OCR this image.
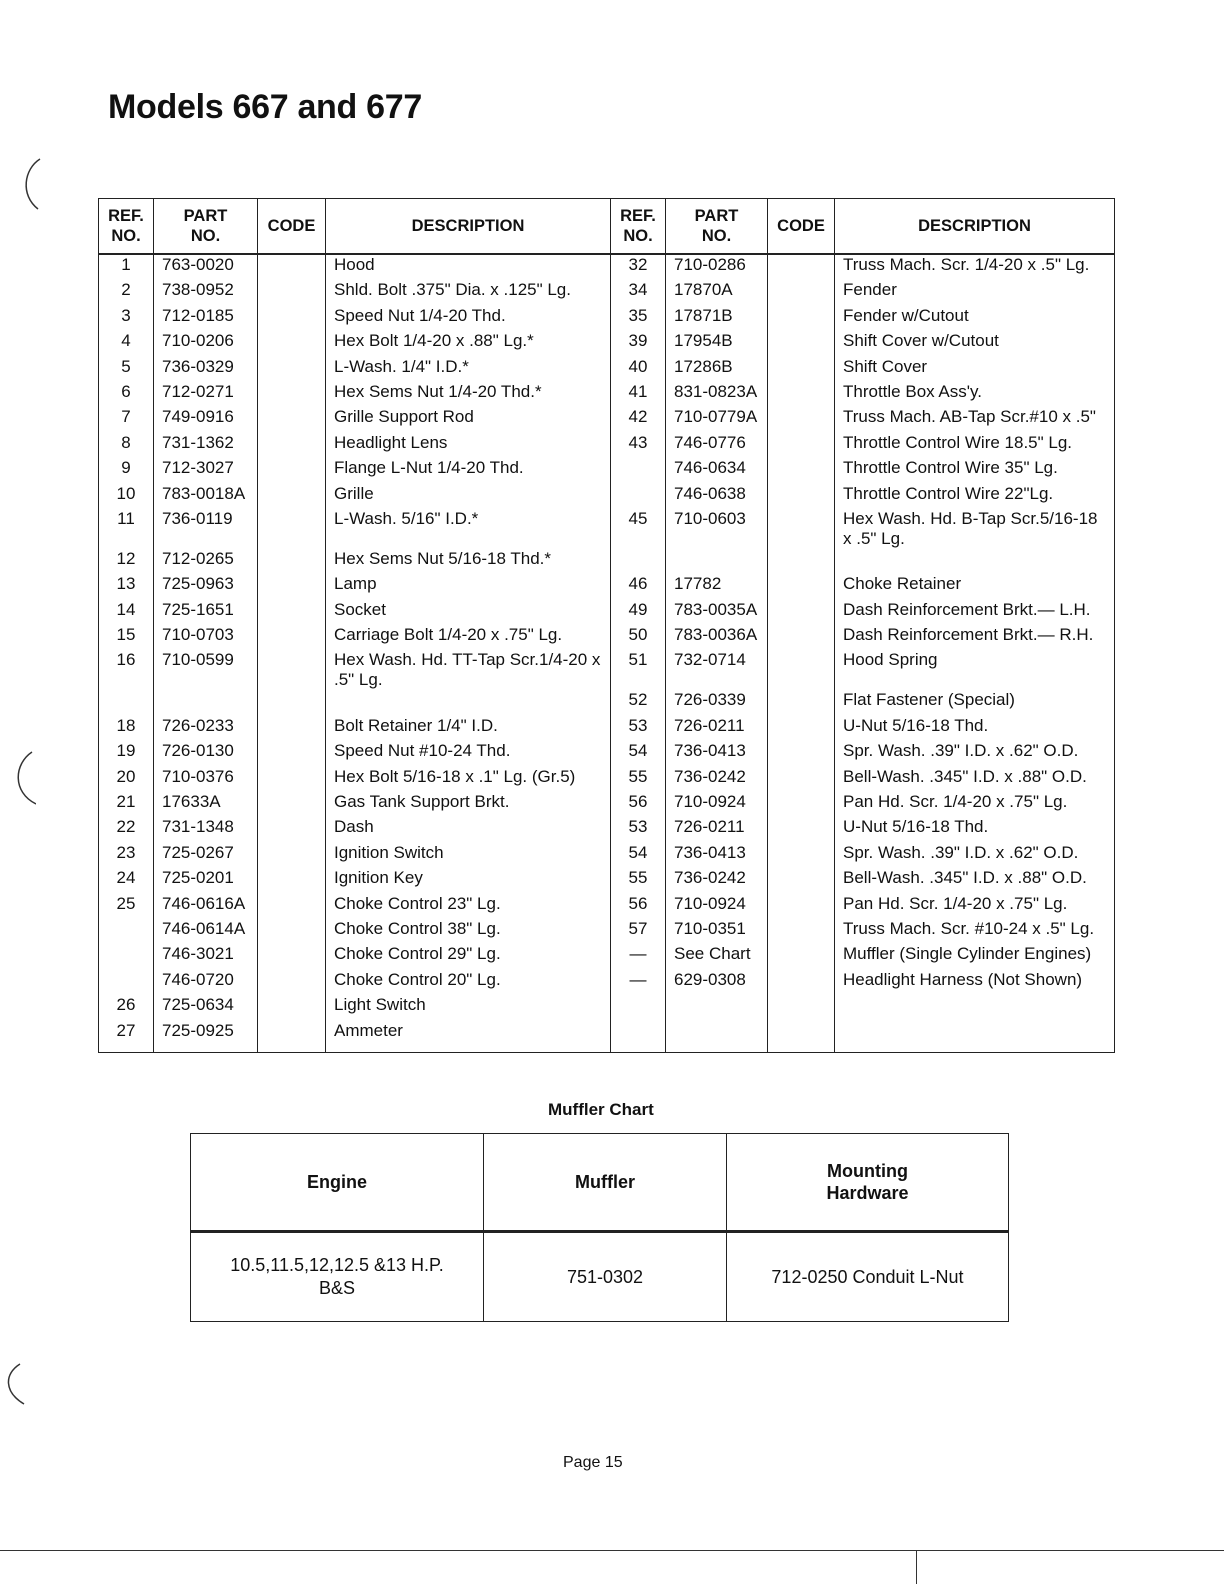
Models 667 and 677
REF.
NO.	PART
NO.	CODE	DESCRIPTION	REF.
NO.	PART
NO.	CODE	DESCRIPTION
1	763-0020		Hood	32	710-0286		Truss Mach. Scr. 1/4-20 x .5" Lg.
2	738-0952		Shld. Bolt .375" Dia. x .125" Lg.	34	17870A		Fender
3	712-0185		Speed Nut 1/4-20 Thd.	35	17871B		Fender w/Cutout
4	710-0206		Hex Bolt 1/4-20 x .88" Lg.*	39	17954B		Shift Cover w/Cutout
5	736-0329		L-Wash. 1/4" I.D.*	40	17286B		Shift Cover
6	712-0271		Hex Sems Nut 1/4-20 Thd.*	41	831-0823A		Throttle Box Ass'y.
7	749-0916		Grille Support Rod	42	710-0779A		Truss Mach. AB-Tap Scr.#10 x .5"
8	731-1362		Headlight Lens	43	746-0776		Throttle Control Wire 18.5" Lg.
9	712-3027		Flange L-Nut 1/4-20 Thd.		746-0634		Throttle Control Wire 35" Lg.
10	783-0018A		Grille		746-0638		Throttle Control Wire 22"Lg.
11	736-0119		L-Wash. 5/16" I.D.*	45	710-0603		Hex Wash. Hd. B-Tap Scr.5/16-18 x .5" Lg.
12	712-0265		Hex Sems Nut 5/16-18 Thd.*				
13	725-0963		Lamp	46	17782		Choke Retainer
14	725-1651		Socket	49	783-0035A		Dash Reinforcement Brkt.— L.H.
15	710-0703		Carriage Bolt 1/4-20 x .75" Lg.	50	783-0036A		Dash Reinforcement Brkt.— R.H.
16	710-0599		Hex Wash. Hd. TT-Tap Scr.1/4-20 x .5" Lg.	51	732-0714		Hood Spring
				52	726-0339		Flat Fastener (Special)
18	726-0233		Bolt Retainer 1/4" I.D.	53	726-0211		U-Nut 5/16-18 Thd.
19	726-0130		Speed Nut #10-24 Thd.	54	736-0413		Spr. Wash. .39" I.D. x .62" O.D.
20	710-0376		Hex Bolt 5/16-18 x .1" Lg. (Gr.5)	55	736-0242		Bell-Wash. .345" I.D. x .88" O.D.
21	17633A		Gas Tank Support Brkt.	56	710-0924		Pan Hd. Scr. 1/4-20 x .75" Lg.
22	731-1348		Dash	53	726-0211		U-Nut 5/16-18 Thd.
23	725-0267		Ignition Switch	54	736-0413		Spr. Wash. .39" I.D. x .62" O.D.
24	725-0201		Ignition Key	55	736-0242		Bell-Wash. .345" I.D. x .88" O.D.
25	746-0616A		Choke Control 23" Lg.	56	710-0924		Pan Hd. Scr. 1/4-20 x .75" Lg.
	746-0614A		Choke Control 38" Lg.	57	710-0351		Truss Mach. Scr. #10-24 x .5" Lg.
	746-3021		Choke Control 29" Lg.	—	See Chart		Muffler (Single Cylinder Engines)
	746-0720		Choke Control 20" Lg.	—	629-0308		Headlight Harness (Not Shown)
26	725-0634		Light Switch				
27	725-0925		Ammeter				
Muffler Chart
Engine	Muffler	Mounting
Hardware
10.5,11.5,12,12.5 &13 H.P.
B&S	751-0302	712-0250 Conduit L-Nut
Page 15
